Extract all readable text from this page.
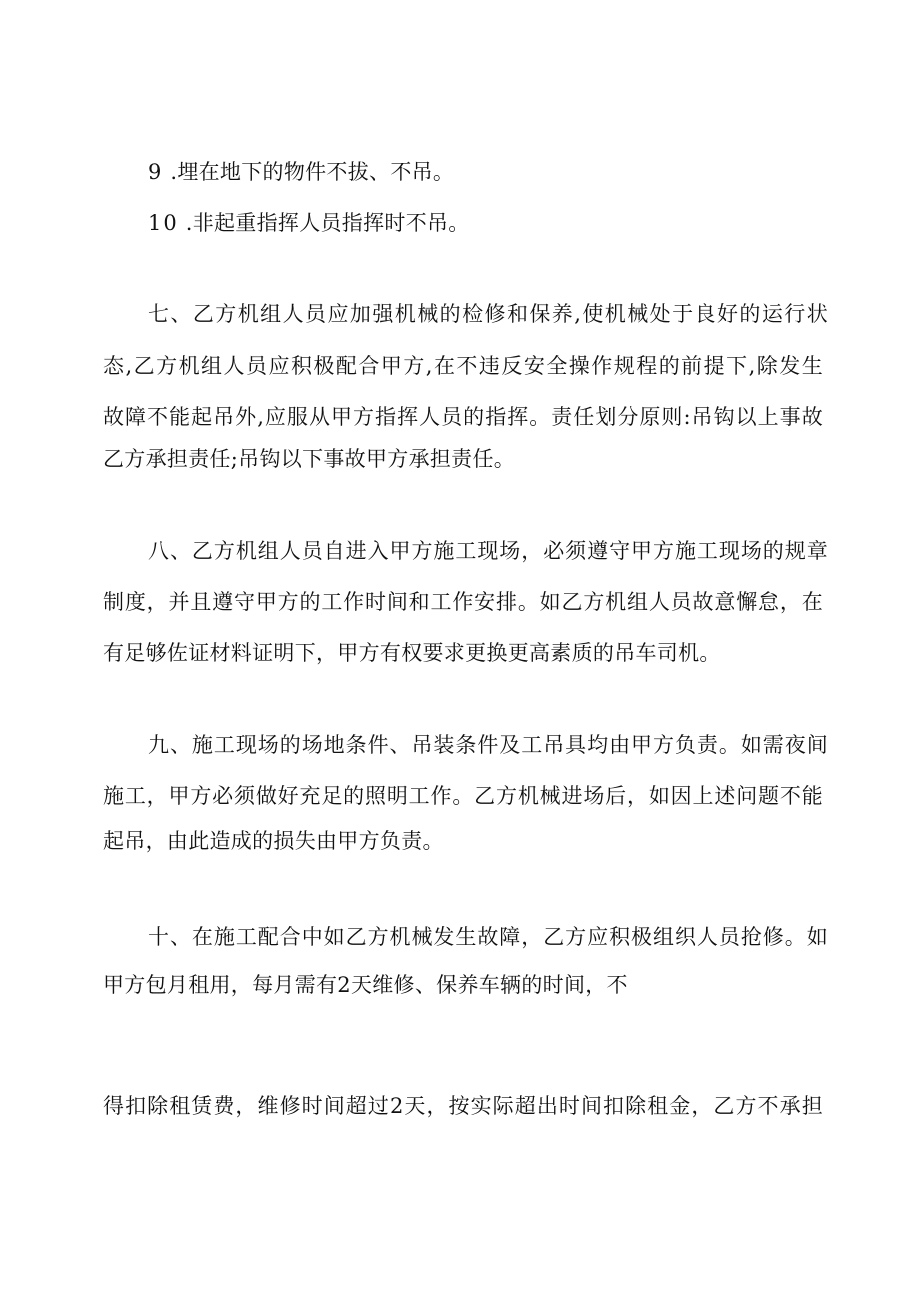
9 .埋在地下的物件不拔、不吊。
10 .非起重指挥人员指挥时不吊。
七、乙方机组人员应加强机械的检修和保养,使机械处于良好的运行状
态,乙方机组人员应积极配合甲方,在不违反安全操作规程的前提下,除发生
故障不能起吊外,应服从甲方指挥人员的指挥。责任划分原则:吊钩以上事故
乙方承担责任;吊钩以下事故甲方承担责任。
八、乙方机组人员自进入甲方施工现场，必须遵守甲方施工现场的规章
制度，并且遵守甲方的工作时间和工作安排。如乙方机组人员故意懈怠，在
有足够佐证材料证明下，甲方有权要求更换更高素质的吊车司机。
九、施工现场的场地条件、吊装条件及工吊具均由甲方负责。如需夜间
施工，甲方必须做好充足的照明工作。乙方机械进场后，如因上述问题不能
起吊，由此造成的损失由甲方负责。
十、在施工配合中如乙方机械发生故障，乙方应积极组织人员抢修。如
甲方包月租用，每月需有2天维修、保养车辆的时间，不
得扣除租赁费，维修时间超过2天，按实际超出时间扣除租金，乙方不承担
